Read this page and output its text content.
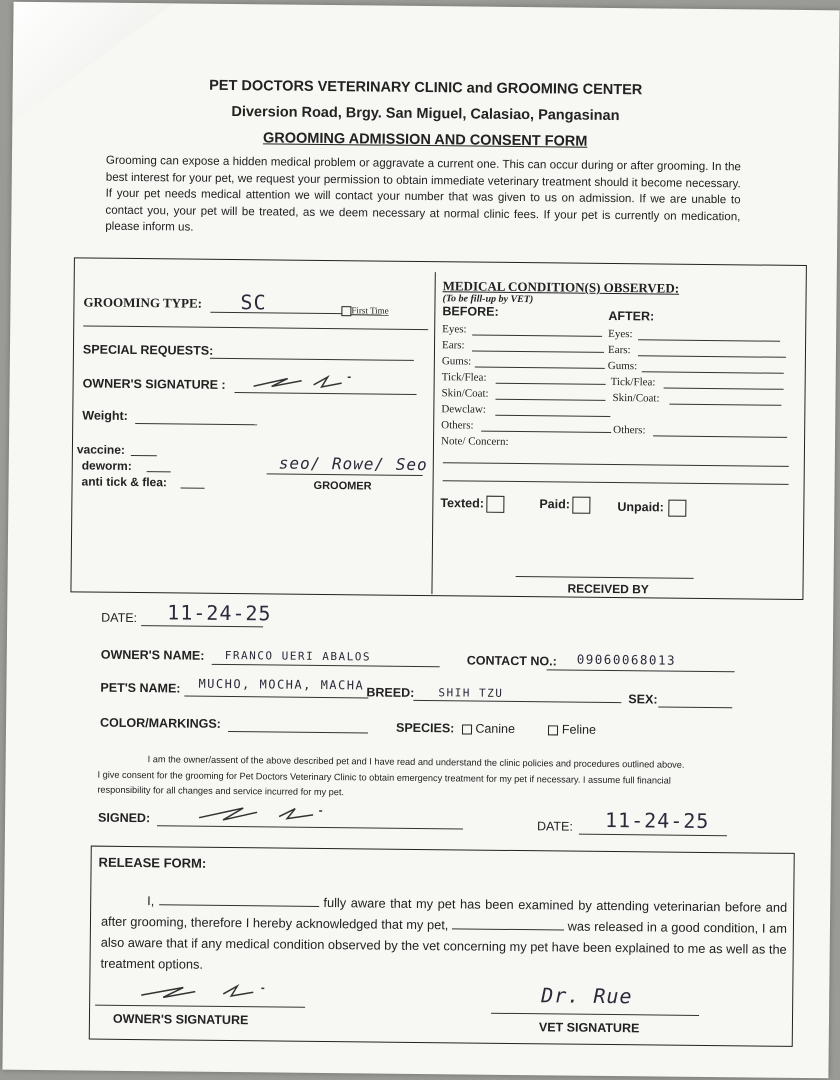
PET DOCTORS VETERINARY CLINIC and GROOMING CENTER
Diversion Road, Brgy. San Miguel, Calasiao, Pangasinan
GROOMING ADMISSION AND CONSENT FORM
Grooming can expose a hidden medical problem or aggravate a current one. This can occur during or after grooming. In the best interest for your pet, we request your permission to obtain immediate veterinary treatment should it become necessary. If your pet needs medical attention we will contact your number that was given to us on admission. If we are unable to contact you, your pet will be treated, as we deem necessary at normal clinic fees. If your pet is currently on medication, please inform us.
GROOMING TYPE: SC	First Time
SPECIAL REQUESTS:
OWNER'S SIGNATURE :
Weight:
vaccine:
deworm:
anti tick & flea:
seo/ Rowe/ Seo
GROOMER
MEDICAL CONDITION(S) OBSERVED:
(To be fill-up by VET)
BEFORE:	AFTER:
Eyes:
Ears:
Gums:
Tick/Flea:
Skin/Coat:
Dewclaw:
Others:
Note/ Concern:
Eyes:
Ears:
Gums:
Tick/Flea:
Skin/Coat:
Others:
Texted:	Paid:	Unpaid:
RECEIVED BY
DATE: 11-24-25
OWNER'S NAME: FRANCO UERI ABALOS	CONTACT NO.: 09060068013
PET'S NAME: MUCHO, MOCHA, MACHA
BREED: SHIH TZU	SEX:
COLOR/MARKINGS:	SPECIES: Canine	Feline
I am the owner/assent of the above described pet and I have read and understand the clinic policies and procedures outlined above.
I give consent for the grooming for Pet Doctors Veterinary Clinic to obtain emergency treatment for my pet if necessary. I assume full financial
responsibility for all changes and service incurred for my pet.
SIGNED:
DATE: 11-24-25
RELEASE FORM:
I,	fully aware that my pet has been examined by attending veterinarian before and after grooming, therefore I hereby acknowledged that my pet,	was released in a good condition, I am also aware that if any medical condition observed by the vet concerning my pet have been explained to me as well as the treatment options.
OWNER'S SIGNATURE
Dr. Rue
VET SIGNATURE
